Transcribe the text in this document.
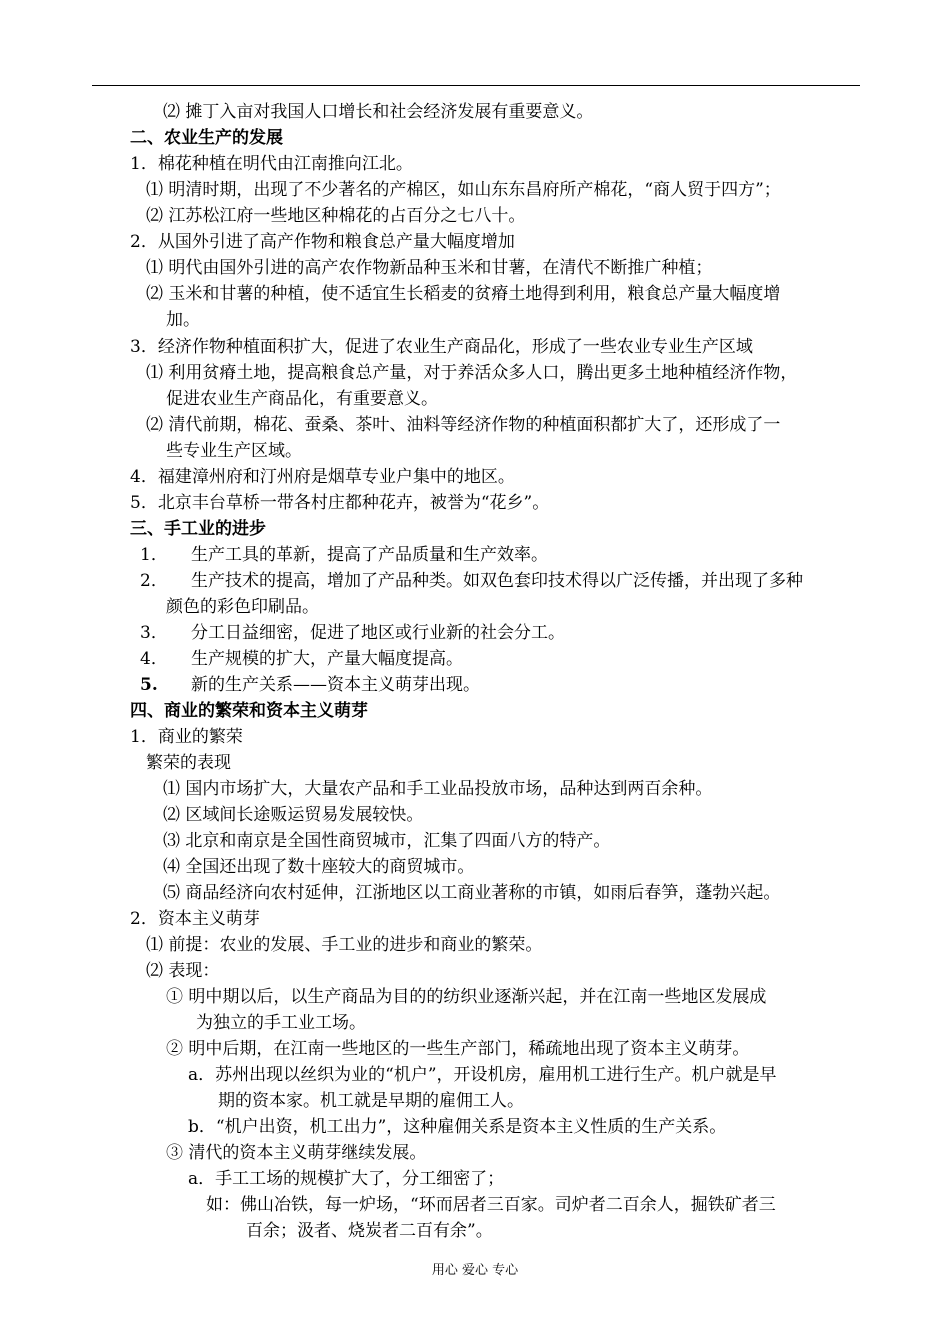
⑵ 摊丁入亩对我国人口增长和社会经济发展有重要意义。
二、农业生产的发展
1．棉花种植在明代由江南推向江北。
⑴ 明清时期，出现了不少著名的产棉区，如山东东昌府所产棉花，“商人贸于四方”；
⑵ 江苏松江府一些地区种棉花的占百分之七八十。
2．从国外引进了高产作物和粮食总产量大幅度增加
⑴ 明代由国外引进的高产农作物新品种玉米和甘薯，在清代不断推广种植；
⑵ 玉米和甘薯的种植，使不适宜生长稻麦的贫瘠土地得到利用，粮食总产量大幅度增
加。
3．经济作物种植面积扩大，促进了农业生产商品化，形成了一些农业专业生产区域
⑴ 利用贫瘠土地，提高粮食总产量，对于养活众多人口，腾出更多土地种植经济作物，
促进农业生产商品化，有重要意义。
⑵ 清代前期，棉花、蚕桑、茶叶、油料等经济作物的种植面积都扩大了，还形成了一
些专业生产区域。
4．福建漳州府和汀州府是烟草专业户集中的地区。
5．北京丰台草桥一带各村庄都种花卉，被誉为“花乡”。
三、手工业的进步
1． 生产工具的革新，提高了产品质量和生产效率。
2． 生产技术的提高，增加了产品种类。如双色套印技术得以广泛传播，并出现了多种
颜色的彩色印刷品。
3． 分工日益细密，促进了地区或行业新的社会分工。
4． 生产规模的扩大，产量大幅度提高。
5. 新的生产关系——资本主义萌芽出现。
四、商业的繁荣和资本主义萌芽
1．商业的繁荣
繁荣的表现
⑴ 国内市场扩大，大量农产品和手工业品投放市场，品种达到两百余种。
⑵ 区域间长途贩运贸易发展较快。
⑶ 北京和南京是全国性商贸城市，汇集了四面八方的特产。
⑷ 全国还出现了数十座较大的商贸城市。
⑸ 商品经济向农村延伸，江浙地区以工商业著称的市镇，如雨后春笋，蓬勃兴起。
2．资本主义萌芽
⑴ 前提：农业的发展、手工业的进步和商业的繁荣。
⑵ 表现：
① 明中期以后，以生产商品为目的的纺织业逐渐兴起，并在江南一些地区发展成
为独立的手工业工场。
② 明中后期，在江南一些地区的一些生产部门，稀疏地出现了资本主义萌芽。
a．苏州出现以丝织为业的“机户”，开设机房，雇用机工进行生产。机户就是早
期的资本家。机工就是早期的雇佣工人。
b．“机户出资，机工出力”，这种雇佣关系是资本主义性质的生产关系。
③ 清代的资本主义萌芽继续发展。
a．手工工场的规模扩大了，分工细密了；
如：佛山冶铁，每一炉场，“环而居者三百家。司炉者二百余人，掘铁矿者三
百余；汲者、烧炭者二百有余”。
用心 爱心 专心
